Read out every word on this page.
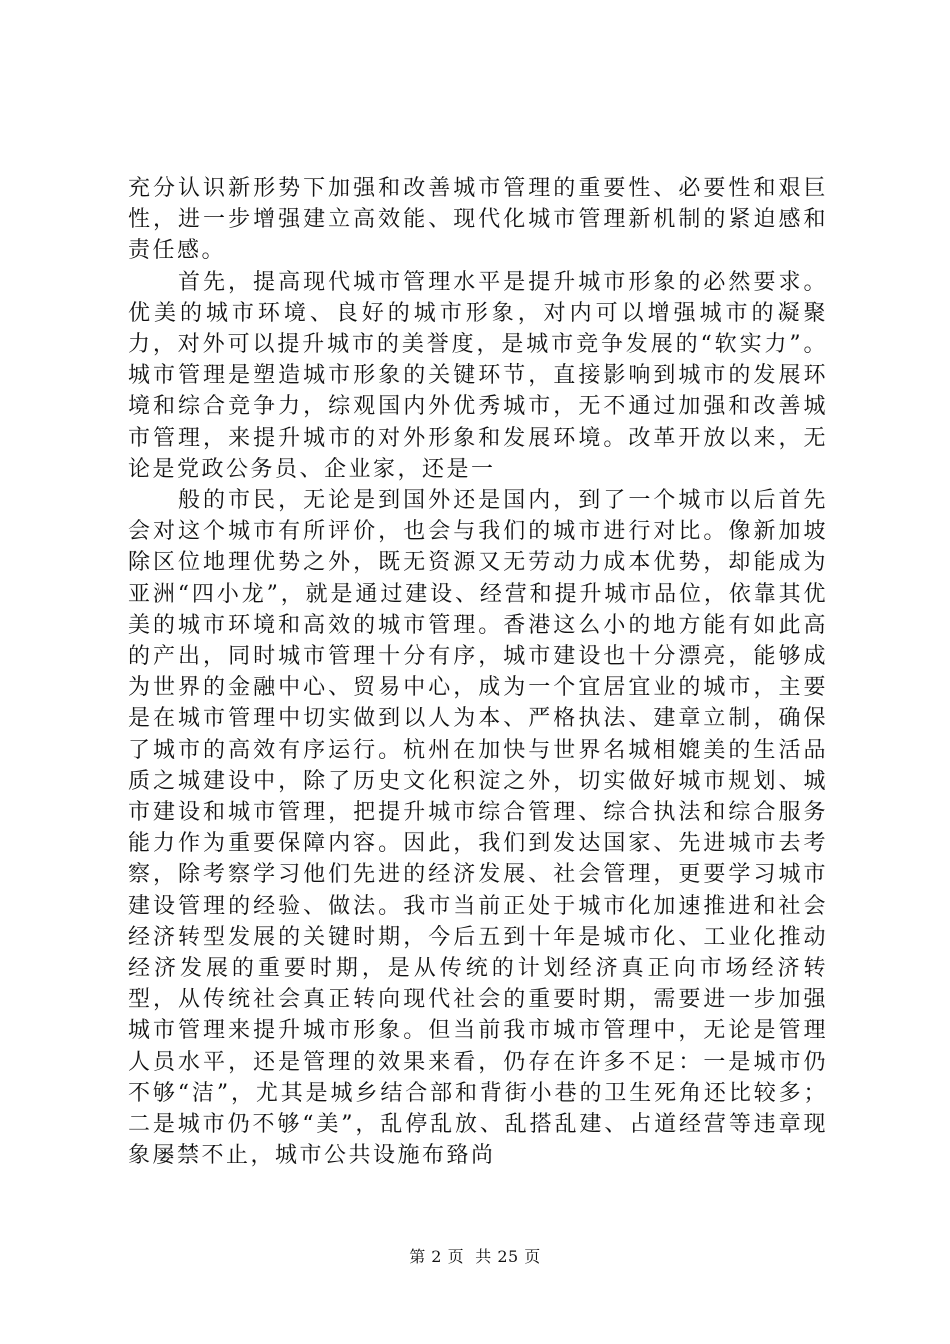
充分认识新形势下加强和改善城市管理的重要性、必要性和艰巨性，进一步增强建立高效能、现代化城市管理新机制的紧迫感和责任感。

首先，提高现代城市管理水平是提升城市形象的必然要求。优美的城市环境、良好的城市形象，对内可以增强城市的凝聚力，对外可以提升城市的美誉度，是城市竞争发展的“软实力”。城市管理是塑造城市形象的关键环节，直接影响到城市的发展环境和综合竞争力，综观国内外优秀城市，无不通过加强和改善城市管理，来提升城市的对外形象和发展环境。改革开放以来，无论是党政公务员、企业家，还是一

般的市民，无论是到国外还是国内，到了一个城市以后首先会对这个城市有所评价，也会与我们的城市进行对比。像新加坡除区位地理优势之外，既无资源又无劳动力成本优势，却能成为亚洲“四小龙”，就是通过建设、经营和提升城市品位，依靠其优美的城市环境和高效的城市管理。香港这么小的地方能有如此高的产出，同时城市管理十分有序，城市建设也十分漂亮，能够成为世界的金融中心、贸易中心，成为一个宜居宜业的城市，主要是在城市管理中切实做到以人为本、严格执法、建章立制，确保了城市的高效有序运行。杭州在加快与世界名城相媲美的生活品质之城建设中，除了历史文化积淀之外，切实做好城市规划、城市建设和城市管理，把提升城市综合管理、综合执法和综合服务能力作为重要保障内容。因此，我们到发达国家、先进城市去考察，除考察学习他们先进的经济发展、社会管理，更要学习城市建设管理的经验、做法。我市当前正处于城市化加速推进和社会经济转型发展的关键时期，今后五到十年是城市化、工业化推动经济发展的重要时期，是从传统的计划经济真正向市场经济转型，从传统社会真正转向现代社会的重要时期，需要进一步加强城市管理来提升城市形象。但当前我市城市管理中，无论是管理人员水平，还是管理的效果来看，仍存在许多不足：一是城市仍不够“洁”，尤其是城乡结合部和背街小巷的卫生死角还比较多；二是城市仍不够“美”，乱停乱放、乱搭乱建、占道经营等违章现象屡禁不止，城市公共设施布臵尚

第 2 页  共 25 页
